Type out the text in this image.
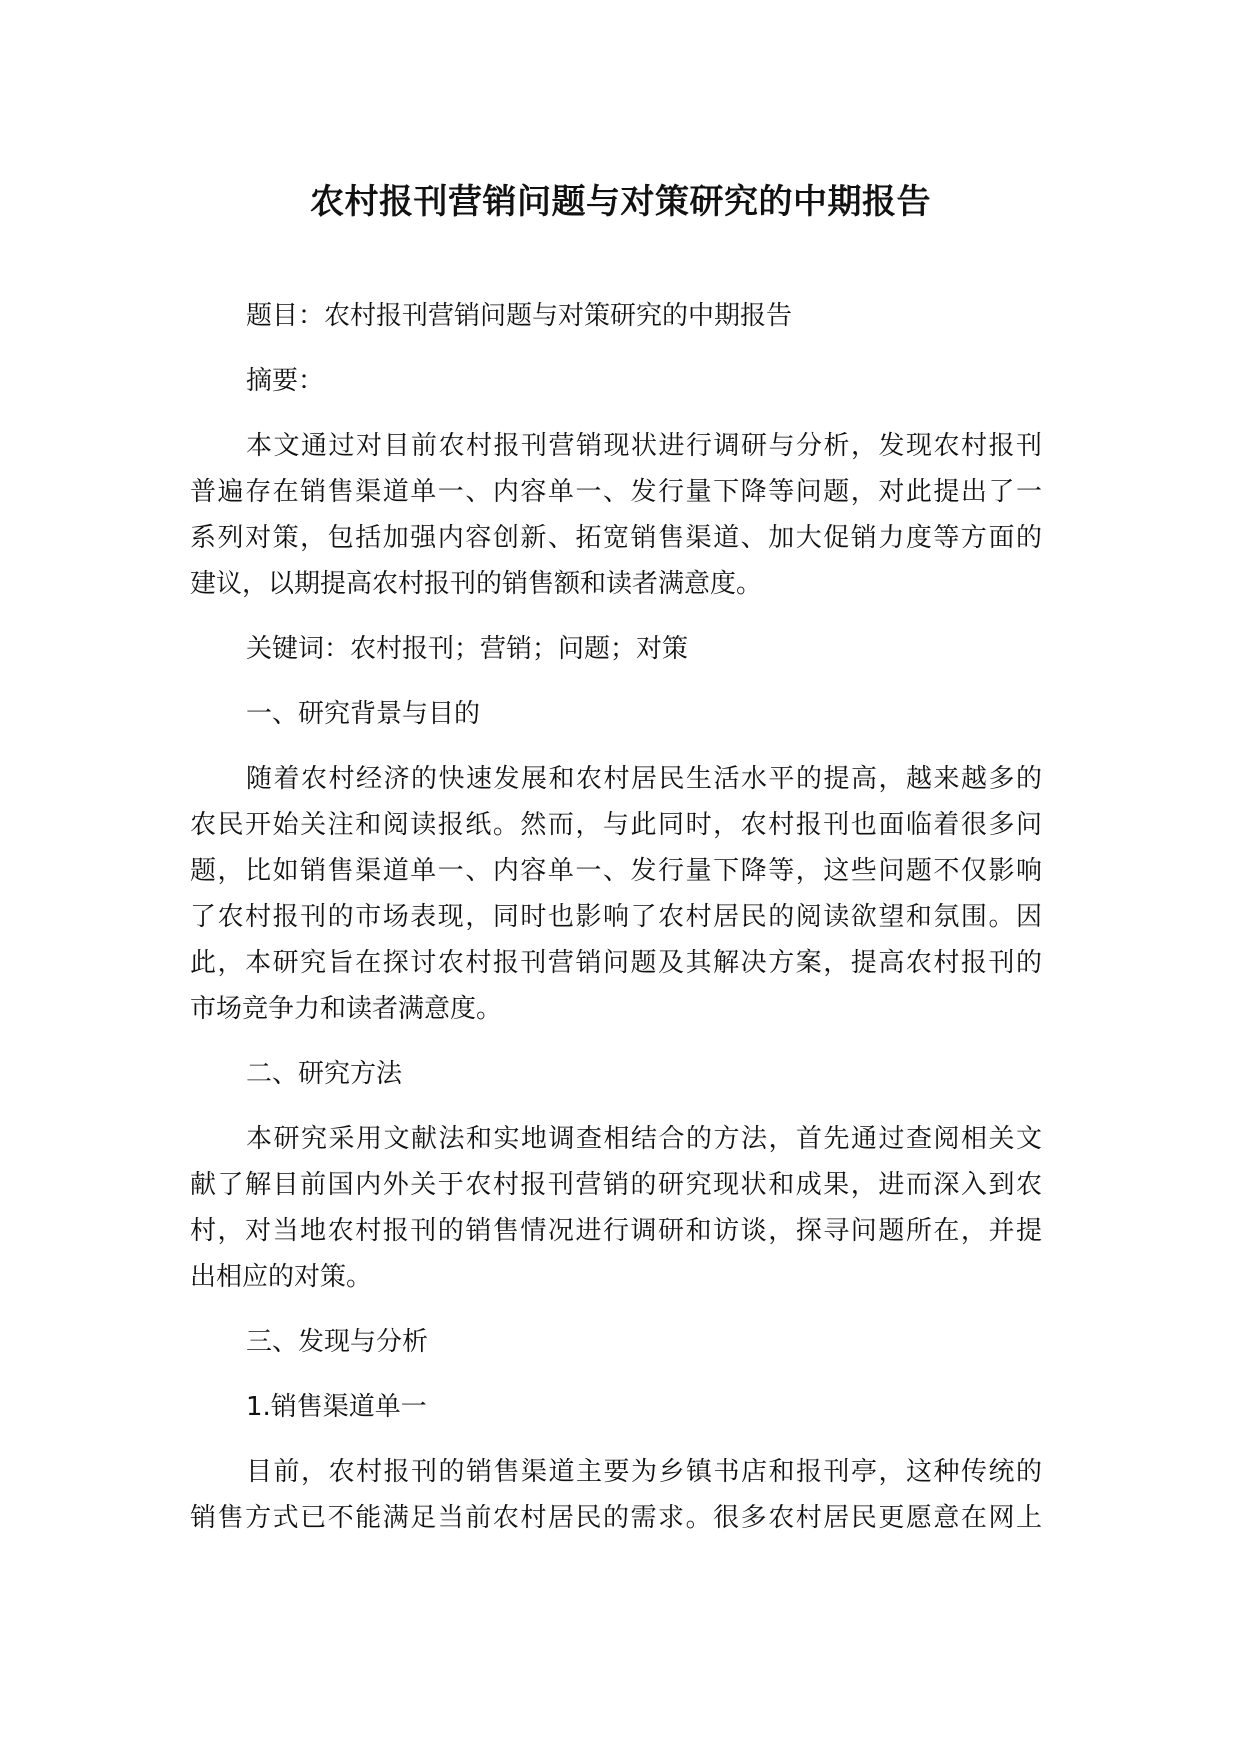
农村报刊营销问题与对策研究的中期报告
题目：农村报刊营销问题与对策研究的中期报告
摘要：
本文通过对目前农村报刊营销现状进行调研与分析，发现农村报刊
普遍存在销售渠道单一、内容单一、发行量下降等问题，对此提出了一
系列对策，包括加强内容创新、拓宽销售渠道、加大促销力度等方面的
建议，以期提高农村报刊的销售额和读者满意度。
关键词：农村报刊；营销；问题；对策
一、研究背景与目的
随着农村经济的快速发展和农村居民生活水平的提高，越来越多的
农民开始关注和阅读报纸。然而，与此同时，农村报刊也面临着很多问
题，比如销售渠道单一、内容单一、发行量下降等，这些问题不仅影响
了农村报刊的市场表现，同时也影响了农村居民的阅读欲望和氛围。因
此，本研究旨在探讨农村报刊营销问题及其解决方案，提高农村报刊的
市场竞争力和读者满意度。
二、研究方法
本研究采用文献法和实地调查相结合的方法，首先通过查阅相关文
献了解目前国内外关于农村报刊营销的研究现状和成果，进而深入到农
村，对当地农村报刊的销售情况进行调研和访谈，探寻问题所在，并提
出相应的对策。
三、发现与分析
1.销售渠道单一
目前，农村报刊的销售渠道主要为乡镇书店和报刊亭，这种传统的
销售方式已不能满足当前农村居民的需求。很多农村居民更愿意在网上
